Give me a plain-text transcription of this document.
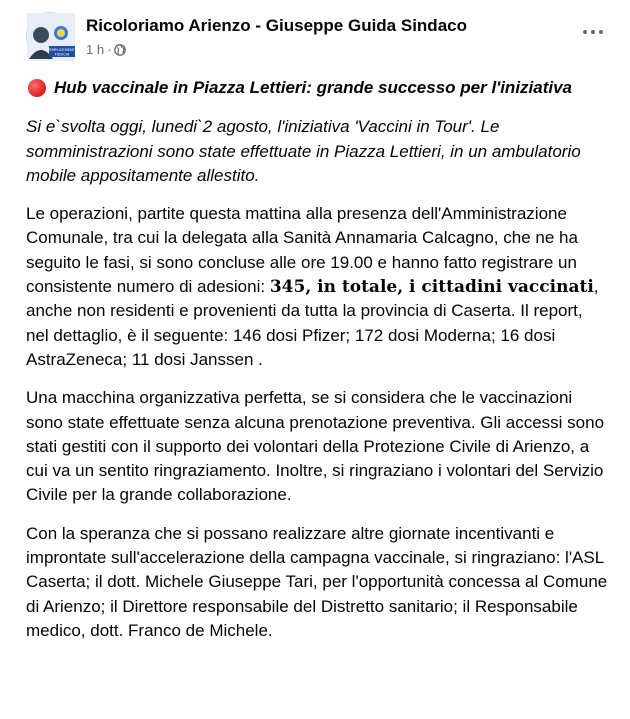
SEMPLICEMENTE
FIDUCIA
Ricoloriamo Arienzo - Giuseppe Guida Sindaco
1 h ·

Hub vaccinale in Piazza Lettieri: grande successo per l'iniziativa

Si e`svolta oggi, lunedi`2 agosto, l'iniziativa 'Vaccini in Tour'. Le somministrazioni sono state effettuate in Piazza Lettieri, in un ambulatorio mobile appositamente allestito.

Le operazioni, partite questa mattina alla presenza dell'Amministrazione Comunale, tra cui la delegata alla Sanità Annamaria Calcagno, che ne ha seguito le fasi, si sono concluse alle ore 19.00 e hanno fatto registrare un consistente numero di adesioni: 345, in totale, i cittadini vaccinati, anche non residenti e provenienti da tutta la provincia di Caserta. Il report, nel dettaglio, è il seguente: 146 dosi Pfizer; 172 dosi Moderna; 16 dosi AstraZeneca; 11 dosi Janssen .

Una macchina organizzativa perfetta, se si considera che le vaccinazioni sono state effettuate senza alcuna prenotazione preventiva. Gli accessi sono stati gestiti con il supporto dei volontari della Protezione Civile di Arienzo, a cui va un sentito ringraziamento. Inoltre, si ringraziano i volontari del Servizio Civile per la grande collaborazione.

Con la speranza che si possano realizzare altre giornate incentivanti e improntate sull'accelerazione della campagna vaccinale, si ringraziano: l'ASL Caserta; il dott. Michele Giuseppe Tari, per l'opportunità concessa al Comune di Arienzo; il Direttore responsabile del Distretto sanitario; il Responsabile medico, dott. Franco de Michele.
